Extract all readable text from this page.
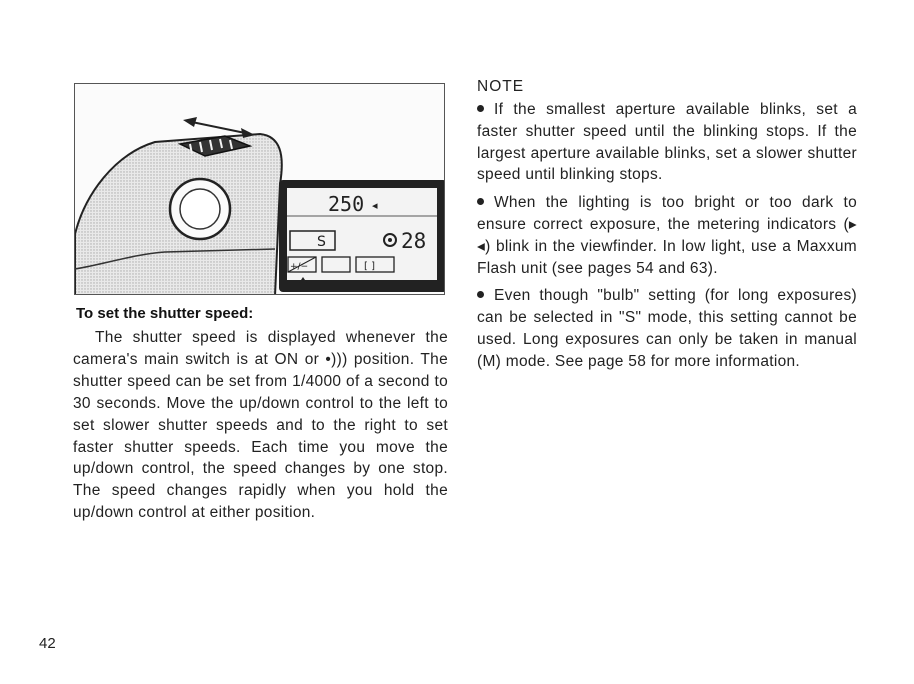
250 ◂
S	28
+/−	[ ]
To set the shutter speed:
The shutter speed is displayed whenever the camera's main switch is at ON or •))) position. The shutter speed can be set from 1/4000 of a second to 30 seconds. Move the up/down control to the left to set slower shutter speeds and to the right to set faster shutter speeds. Each time you move the up/down control, the speed changes by one stop. The speed changes rapidly when you hold the up/down control at either position.
NOTE
If the smallest aperture available blinks, set a faster shutter speed until the blinking stops. If the largest aperture available blinks, set a slower shutter speed until blinking stops.
When the lighting is too bright or too dark to ensure correct exposure, the metering indicators (▸ ◂) blink in the viewfinder. In low light, use a Maxxum Flash unit (see pages 54 and 63).
Even though "bulb" setting (for long exposures) can be selected in "S" mode, this setting cannot be used. Long exposures can only be taken in manual (M) mode. See page 58 for more information.
42
